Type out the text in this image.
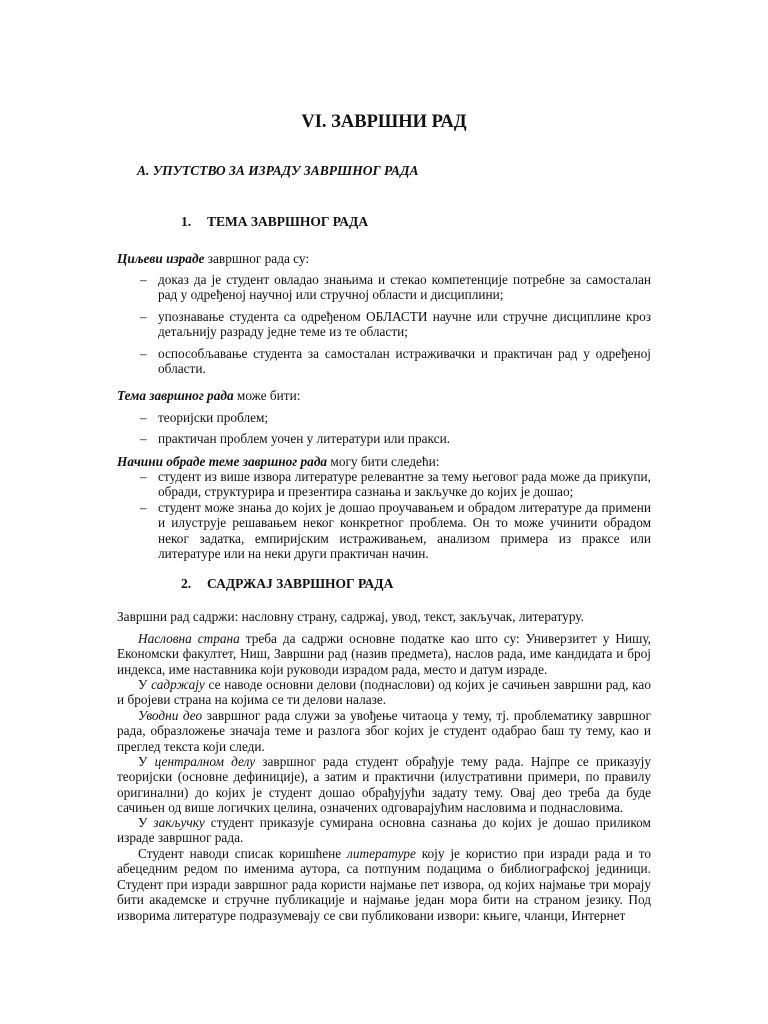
VI. ЗАВРШНИ РАД
А. УПУТСТВО ЗА ИЗРАДУ ЗАВРШНОГ РАДА
1. ТЕМА ЗАВРШНОГ РАДА
Циљеви израде завршног рада су:
– доказ да је студент овладао знањима и стекао компетенције потребне за самосталан рад у одређеној научној или стручној области и дисциплини;
– упознавање студента са одређеном ОБЛАСТИ научне или стручне дисциплине кроз детаљнију разраду једне теме из те области;
– оспособљавање студента за самосталан истраживачки и практичан рад у одређеној области.
Тема завршног рада може бити:
– теоријски проблем;
– практичан проблем уочен у литератури или пракси.
Начини обраде теме завршног рада могу бити следећи:
– студент из више извора литературе релевантне за тему његовог рада може да прикупи, обради, структурира и презентира сазнања и закључке до којих је дошао;
– студент може знања до којих је дошао проучавањем и обрадом литературе да примени и илуструје решавањем неког конкретног проблема. Он то може учинити обрадом неког задатка, емпиријским истраживањем, анализом примера из праксе или литературе или на неки други практичан начин.
2. САДРЖАЈ ЗАВРШНОГ РАДА
Завршни рад садржи: насловну страну, садржај, увод, текст, закључак, литературу.
Насловна страна треба да садржи основне податке као што су: Универзитет у Нишу, Економски факултет, Ниш, Завршни рад (назив предмета), наслов рада, име кандидата и број индекса, име наставника који руководи израдом рада, место и датум израде.
У садржају се наводе основни делови (поднаслови) од којих је сачињен завршни рад, као и бројеви страна на којима се ти делови налазе.
Уводни део завршног рада служи за увођење читаоца у тему, тј. проблематику завршног рада, образложење значаја теме и разлога због којих је студент одабрао баш ту тему, као и преглед текста који следи.
У централном делу завршног рада студент обрађује тему рада. Најпре се приказују теоријски (основне дефиниције), а затим и практични (илустративни примери, по правилу оригинални) до којих је студент дошао обрађујући задату тему. Овај део треба да буде сачињен од више логичких целина, означених одговарајућим насловима и поднасловима.
У закључку студент приказује сумирана основна сазнања до којих је дошао приликом израде завршног рада.
Студент наводи списак коришћене литературе коју је користио при изради рада и то абецедним редом по именима аутора, са потпуним подацима о библиографској јединици. Студент при изради завршног рада користи најмање пет извора, од којих најмање три морају бити академске и стручне публикације и најмање један мора бити на страном језику. Под изворима литературе подразумевају се сви публиковани извори: књиге, чланци, Интернет
